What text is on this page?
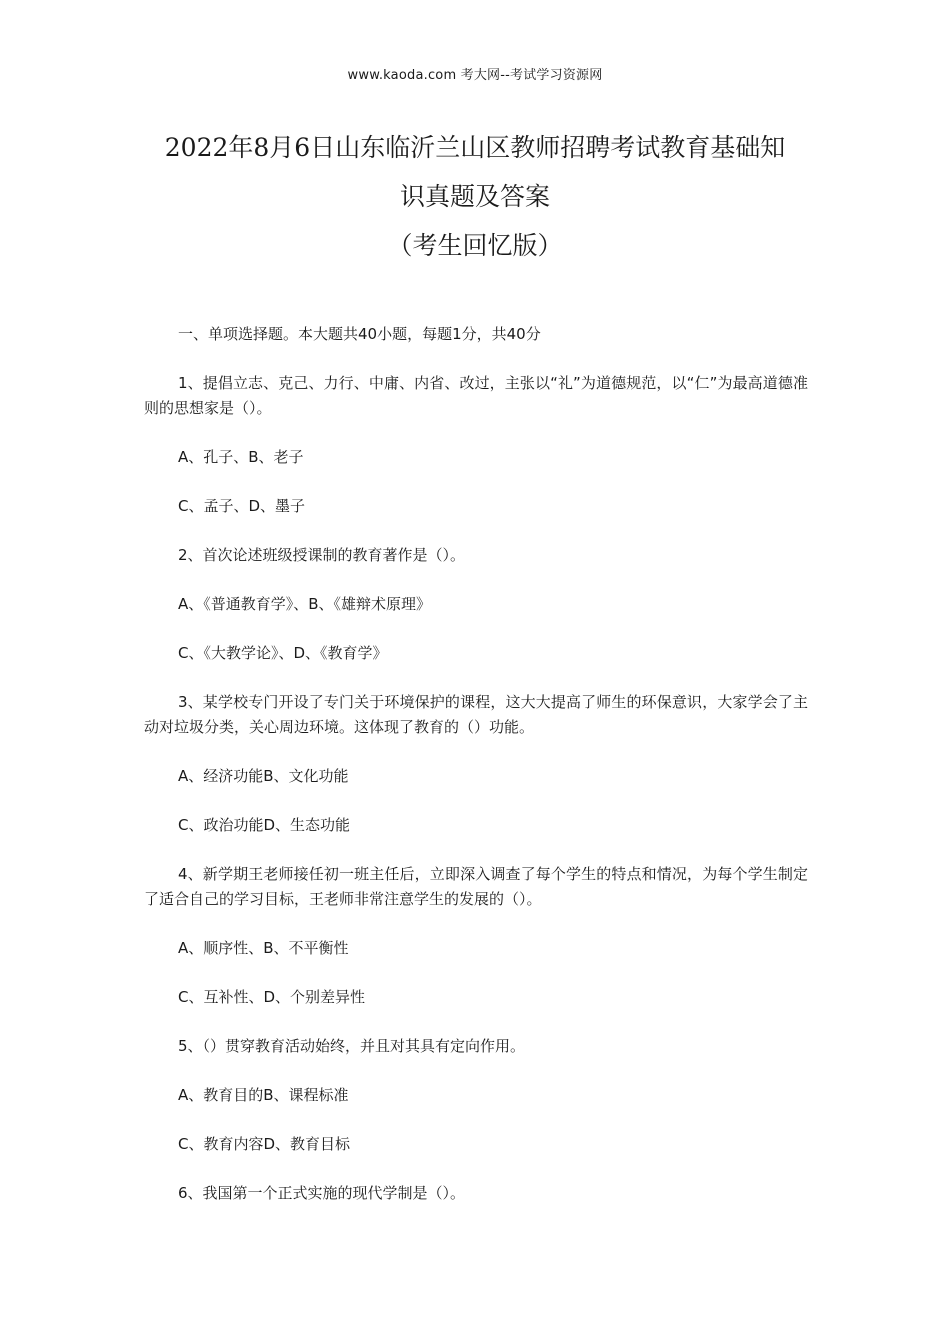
www.kaoda.com 考大网--考试学习资源网
2022年8月6日山东临沂兰山区教师招聘考试教育基础知
识真题及答案
（考生回忆版）

一、单项选择题。本大题共40小题，每题1分，共40分

1、提倡立志、克己、力行、中庸、内省、改过，主张以“礼”为道德规范，以“仁”为最高道德准则的思想家是（）。

A、孔子、B、老子

C、孟子、D、墨子

2、首次论述班级授课制的教育著作是（）。

A、《普通教育学》、B、《雄辩术原理》

C、《大教学论》、D、《教育学》

3、某学校专门开设了专门关于环境保护的课程，这大大提高了师生的环保意识，大家学会了主动对垃圾分类，关心周边环境。这体现了教育的（）功能。

A、经济功能B、文化功能

C、政治功能D、生态功能

4、新学期王老师接任初一班主任后，立即深入调查了每个学生的特点和情况，为每个学生制定了适合自己的学习目标，王老师非常注意学生的发展的（）。

A、顺序性、B、不平衡性

C、互补性、D、个别差异性

5、（）贯穿教育活动始终，并且对其具有定向作用。

A、教育目的B、课程标准

C、教育内容D、教育目标

6、我国第一个正式实施的现代学制是（）。
